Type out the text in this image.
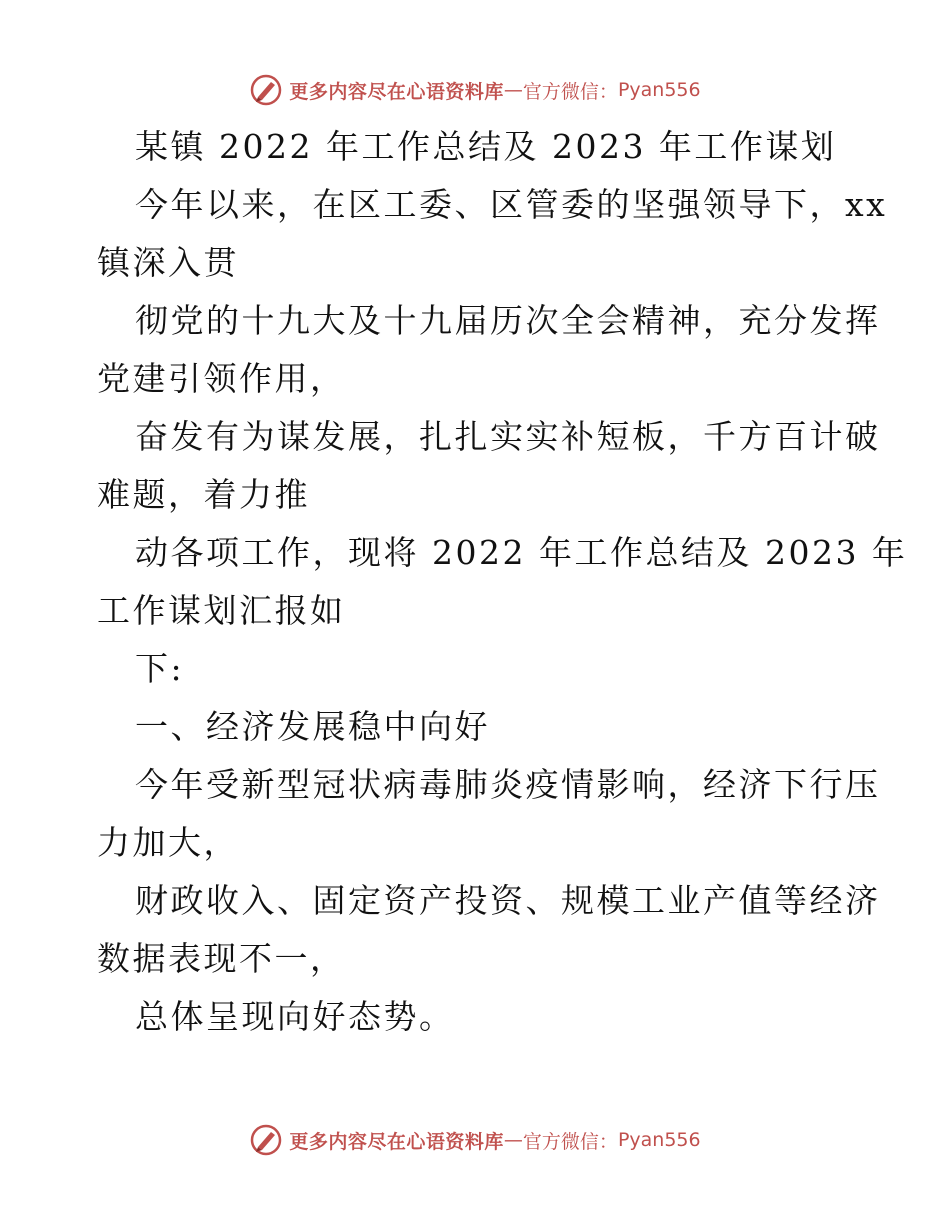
更多内容尽在心语资料库 — 官方微信： Pyan556
某镇 2022 年工作总结及 2023 年工作谋划
今年以来，在区工委、区管委的坚强领导下，xx
镇深入贯
彻党的十九大及十九届历次全会精神，充分发挥
党建引领作用，
奋发有为谋发展，扎扎实实补短板，千方百计破
难题，着力推
动各项工作，现将 2022 年工作总结及 2023 年
工作谋划汇报如
下:
一、经济发展稳中向好
今年受新型冠状病毒肺炎疫情影响，经济下行压
力加大，
财政收入、固定资产投资、规模工业产值等经济
数据表现不一，
总体呈现向好态势。
更多内容尽在心语资料库 — 官方微信： Pyan556
